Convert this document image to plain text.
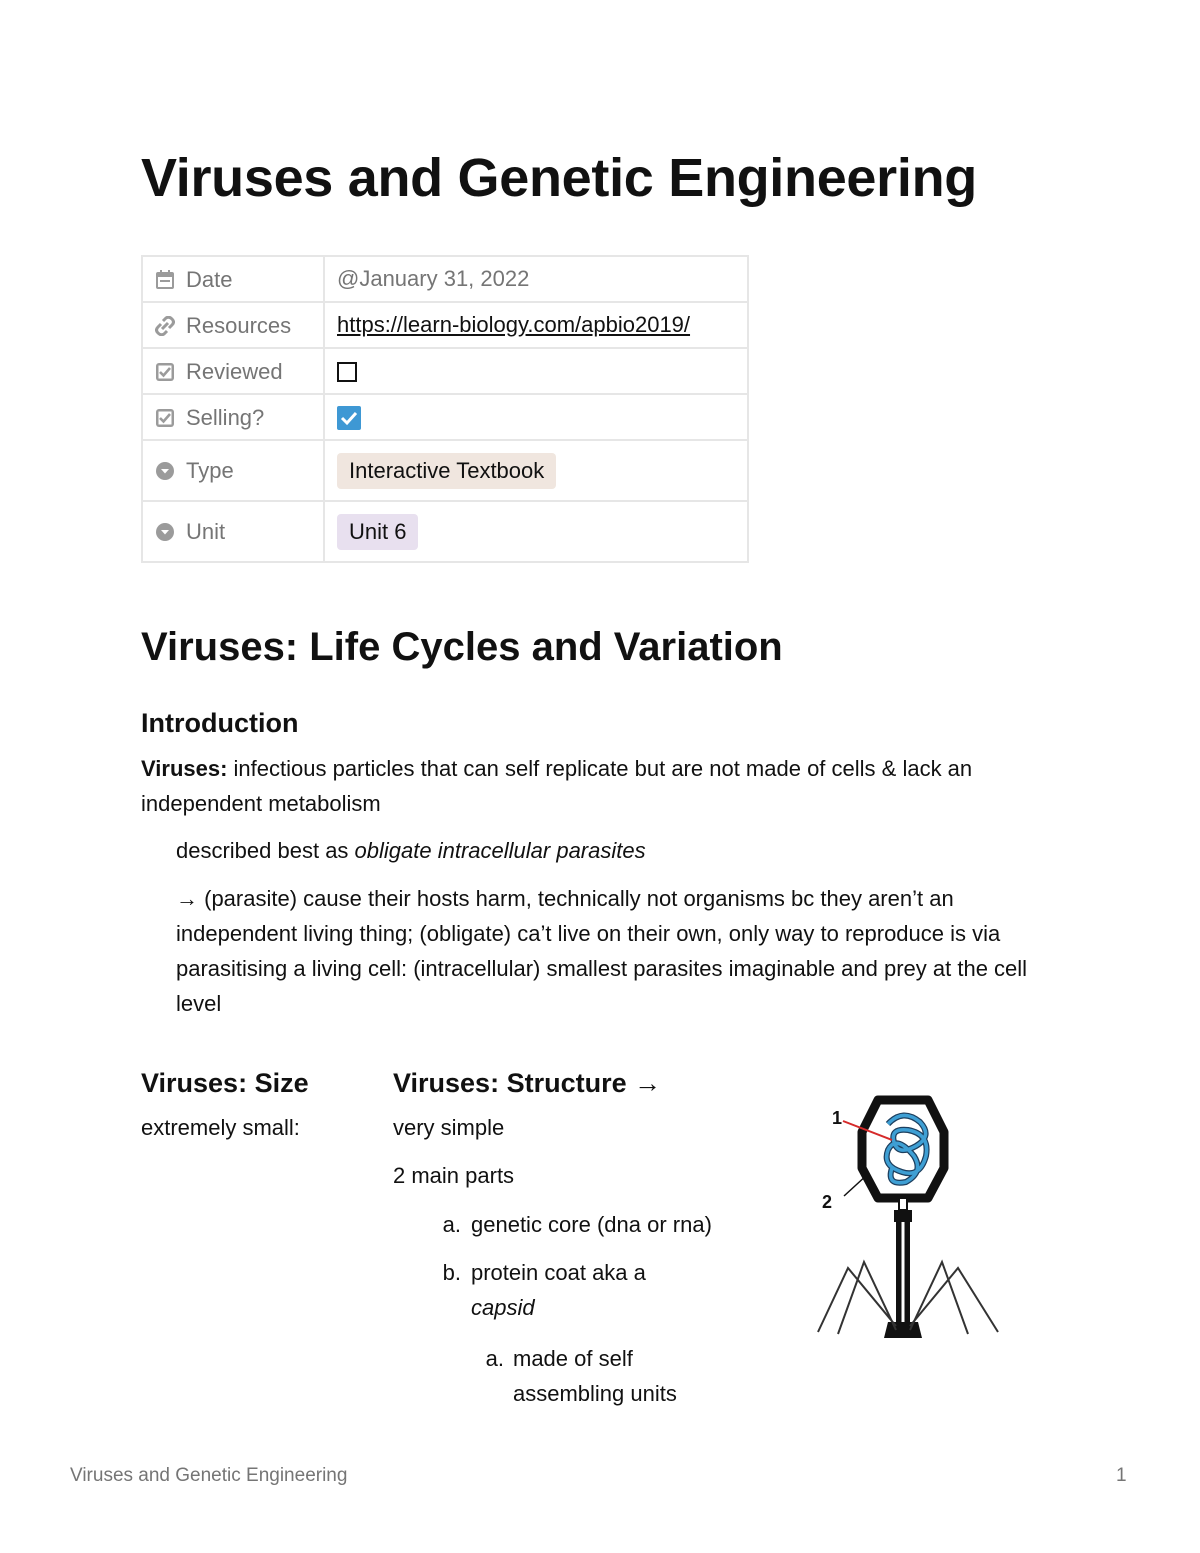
Viruses and Genetic Engineering
Date	@January 31, 2022
Resources	https://learn-biology.com/apbio2019/
Reviewed	
Selling?	
Type	Interactive Textbook
Unit	Unit 6
Viruses: Life Cycles and Variation
Introduction

Viruses: infectious particles that can self replicate but are not made of cells & lack an independent metabolism

described best as obligate intracellular parasites

→ (parasite) cause their hosts harm, technically not organisms bc they aren’t an independent living thing; (obligate) ca’t live on their own, only way to reproduce is via parasitising a living cell: (intracellular) smallest parasites imaginable and prey at the cell level

Viruses: Size	Viruses: Structure →

extremely small:	very simple

2 main parts

a. genetic core (dna or rna)
b. protein coat aka a
capsid
a. made of self assembling units
1
2
Viruses and Genetic Engineering	1
